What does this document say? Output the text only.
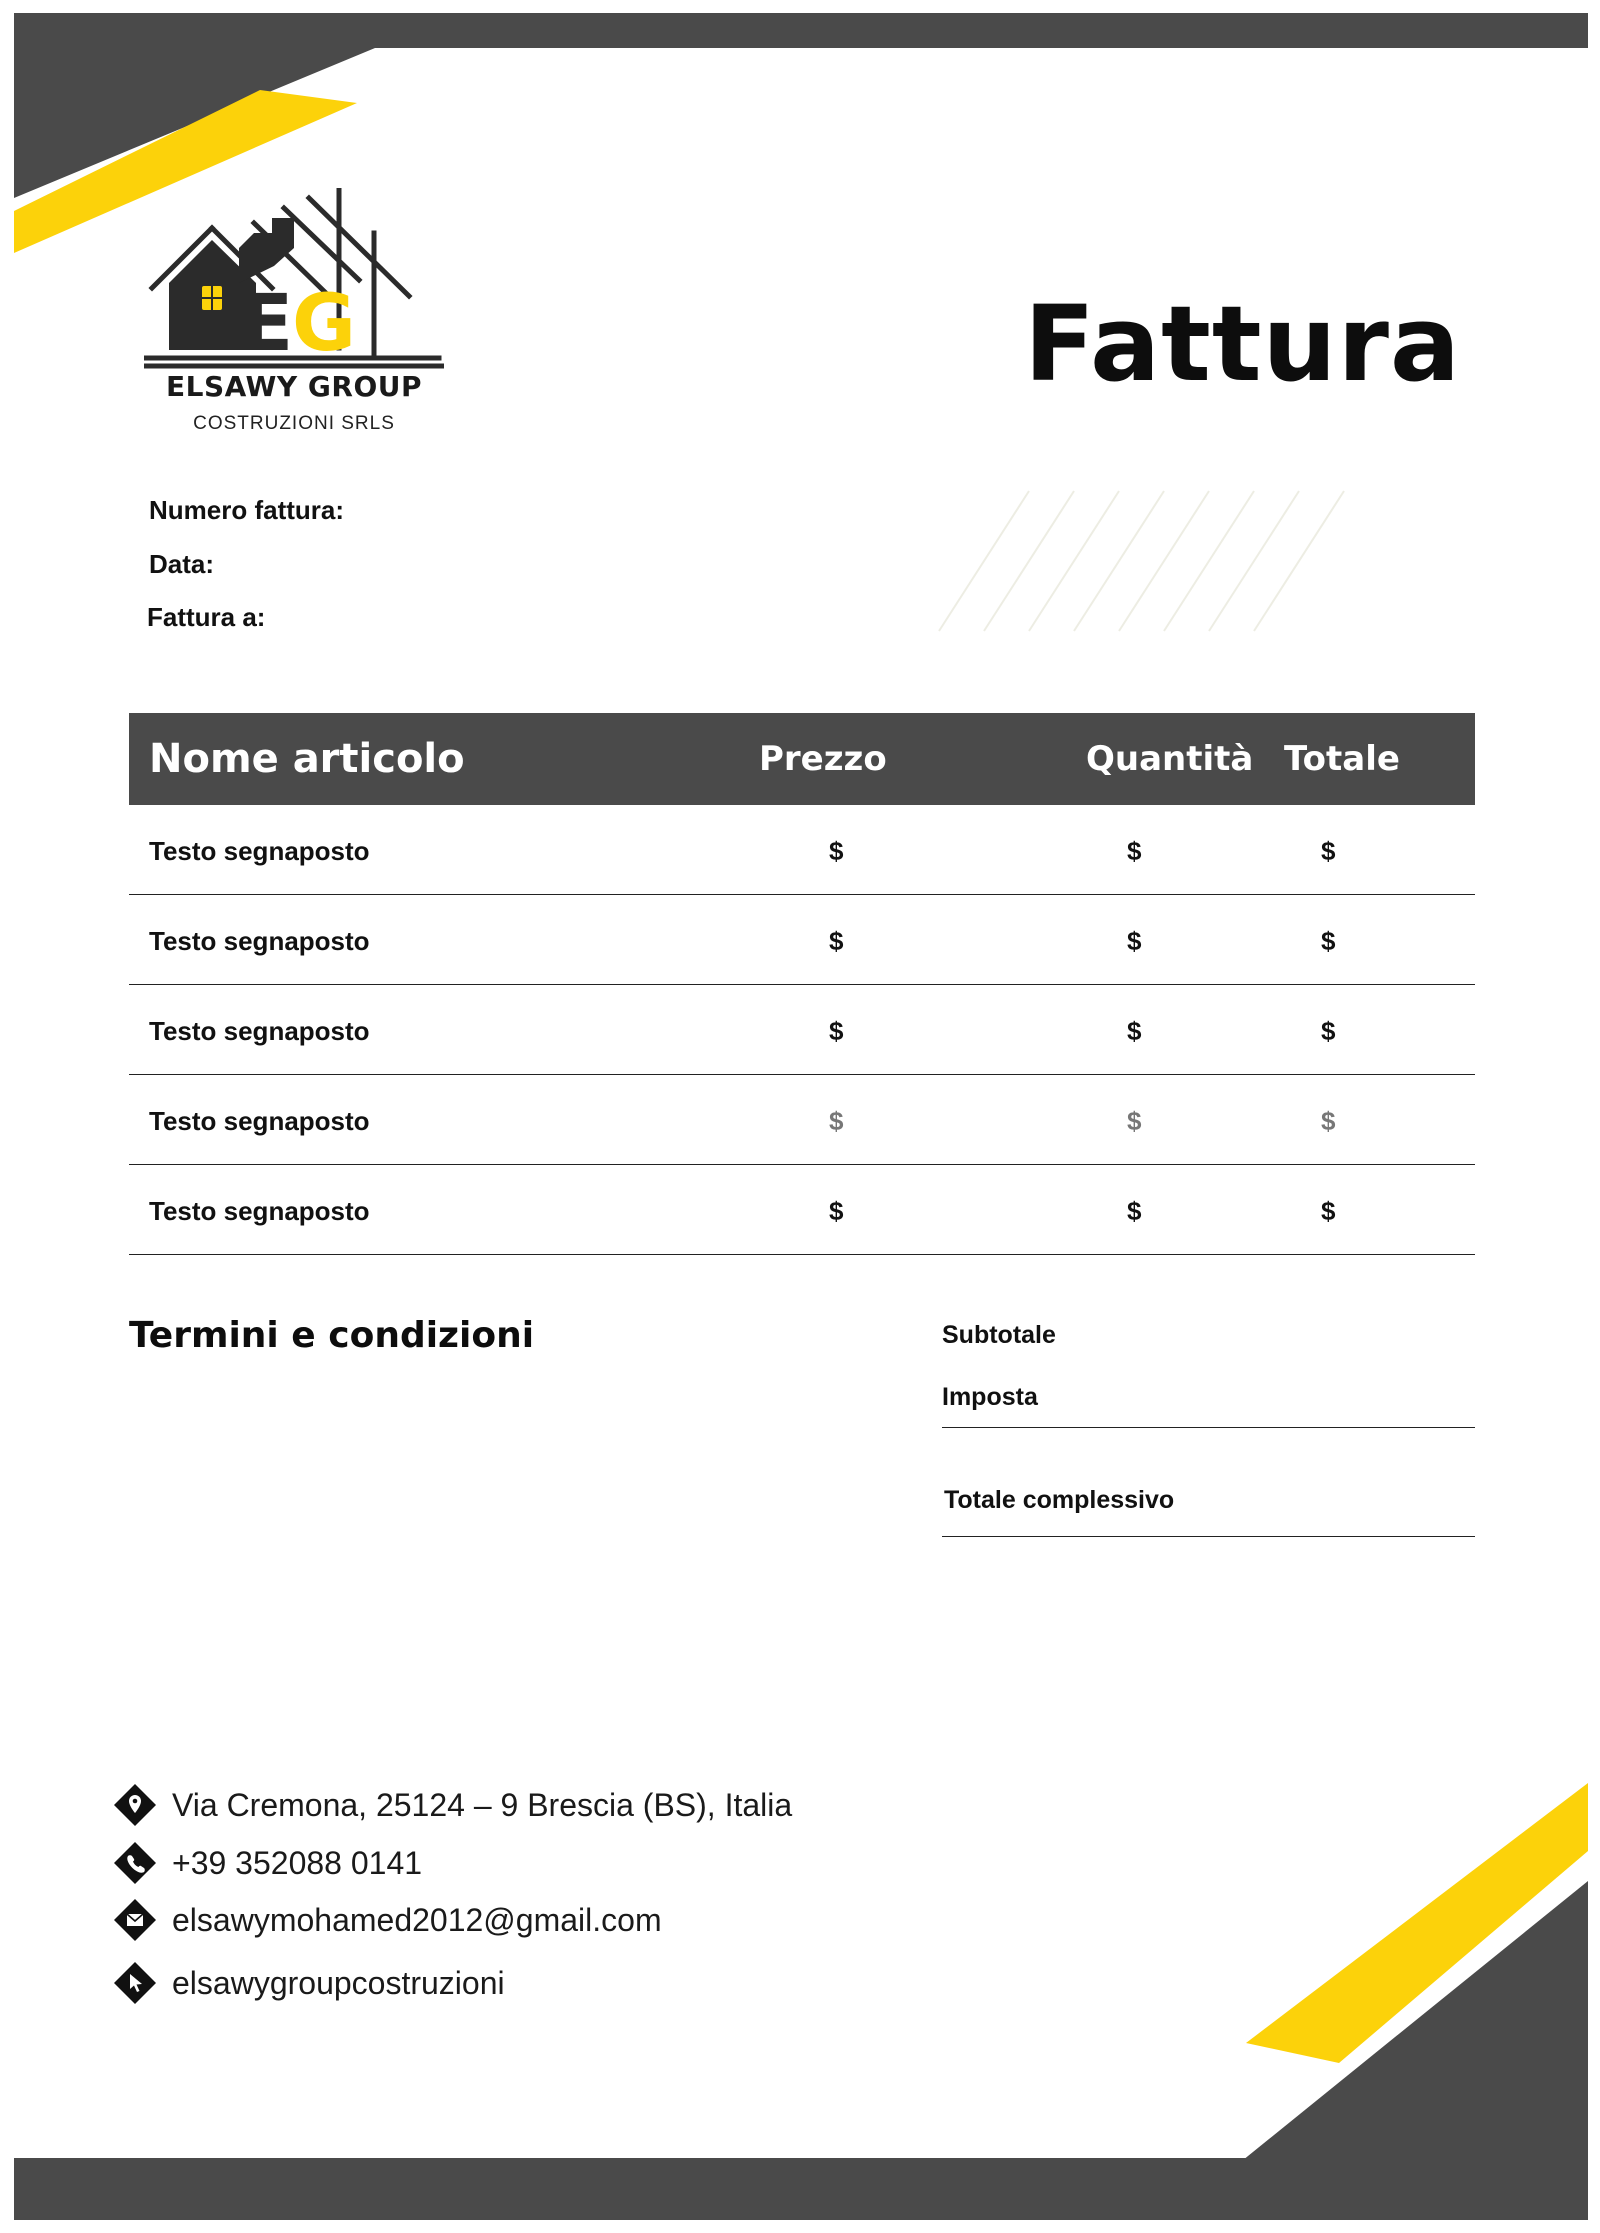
E
G
ELSAWY GROUP
COSTRUZIONI SRLS
Fattura
Numero fattura:
Data:
Fattura a:
Nome articolo	Prezzo	Quantità Totale
Testo segnaposto	$	$	$
Testo segnaposto	$	$	$
Testo segnaposto	$	$	$
Testo segnaposto	$	$	$
Testo segnaposto	$	$	$
Termini e condizioni	Subtotale
Imposta
Totale complessivo
Via Cremona, 25124 – 9 Brescia (BS), Italia
+39 352088 0141
elsawymohamed2012@gmail.com
elsawygroupcostruzioni
